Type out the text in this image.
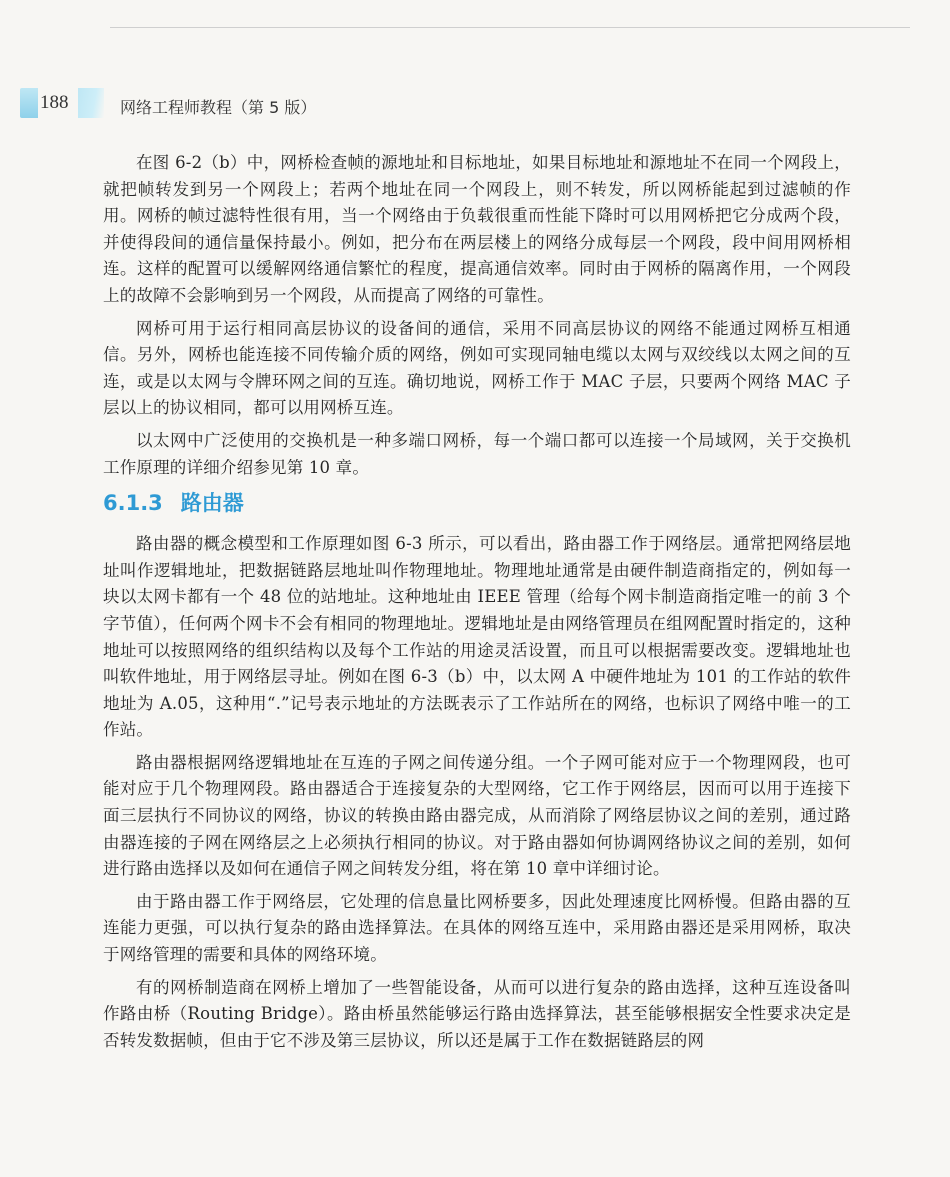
188	网络工程师教程（第 5 版）

在图 6-2（b）中，网桥检查帧的源地址和目标地址，如果目标地址和源地址不在同一个网段上，就把帧转发到另一个网段上；若两个地址在同一个网段上，则不转发，所以网桥能起到过滤帧的作用。网桥的帧过滤特性很有用，当一个网络由于负载很重而性能下降时可以用网桥把它分成两个段，并使得段间的通信量保持最小。例如，把分布在两层楼上的网络分成每层一个网段，段中间用网桥相连。这样的配置可以缓解网络通信繁忙的程度，提高通信效率。同时由于网桥的隔离作用，一个网段上的故障不会影响到另一个网段，从而提高了网络的可靠性。

网桥可用于运行相同高层协议的设备间的通信，采用不同高层协议的网络不能通过网桥互相通信。另外，网桥也能连接不同传输介质的网络，例如可实现同轴电缆以太网与双绞线以太网之间的互连，或是以太网与令牌环网之间的互连。确切地说，网桥工作于 MAC 子层，只要两个网络 MAC 子层以上的协议相同，都可以用网桥互连。

以太网中广泛使用的交换机是一种多端口网桥，每一个端口都可以连接一个局域网，关于交换机工作原理的详细介绍参见第 10 章。

6.1.3 路由器

路由器的概念模型和工作原理如图 6-3 所示，可以看出，路由器工作于网络层。通常把网络层地址叫作逻辑地址，把数据链路层地址叫作物理地址。物理地址通常是由硬件制造商指定的，例如每一块以太网卡都有一个 48 位的站地址。这种地址由 IEEE 管理（给每个网卡制造商指定唯一的前 3 个字节值），任何两个网卡不会有相同的物理地址。逻辑地址是由网络管理员在组网配置时指定的，这种地址可以按照网络的组织结构以及每个工作站的用途灵活设置，而且可以根据需要改变。逻辑地址也叫软件地址，用于网络层寻址。例如在图 6-3（b）中，以太网 A 中硬件地址为 101 的工作站的软件地址为 A.05，这种用“.”记号表示地址的方法既表示了工作站所在的网络，也标识了网络中唯一的工作站。

路由器根据网络逻辑地址在互连的子网之间传递分组。一个子网可能对应于一个物理网段，也可能对应于几个物理网段。路由器适合于连接复杂的大型网络，它工作于网络层，因而可以用于连接下面三层执行不同协议的网络，协议的转换由路由器完成，从而消除了网络层协议之间的差别，通过路由器连接的子网在网络层之上必须执行相同的协议。对于路由器如何协调网络协议之间的差别，如何进行路由选择以及如何在通信子网之间转发分组，将在第 10 章中详细讨论。

由于路由器工作于网络层，它处理的信息量比网桥要多，因此处理速度比网桥慢。但路由器的互连能力更强，可以执行复杂的路由选择算法。在具体的网络互连中，采用路由器还是采用网桥，取决于网络管理的需要和具体的网络环境。

有的网桥制造商在网桥上增加了一些智能设备，从而可以进行复杂的路由选择，这种互连设备叫作路由桥（Routing Bridge）。路由桥虽然能够运行路由选择算法，甚至能够根据安全性要求决定是否转发数据帧，但由于它不涉及第三层协议，所以还是属于工作在数据链路层的网
